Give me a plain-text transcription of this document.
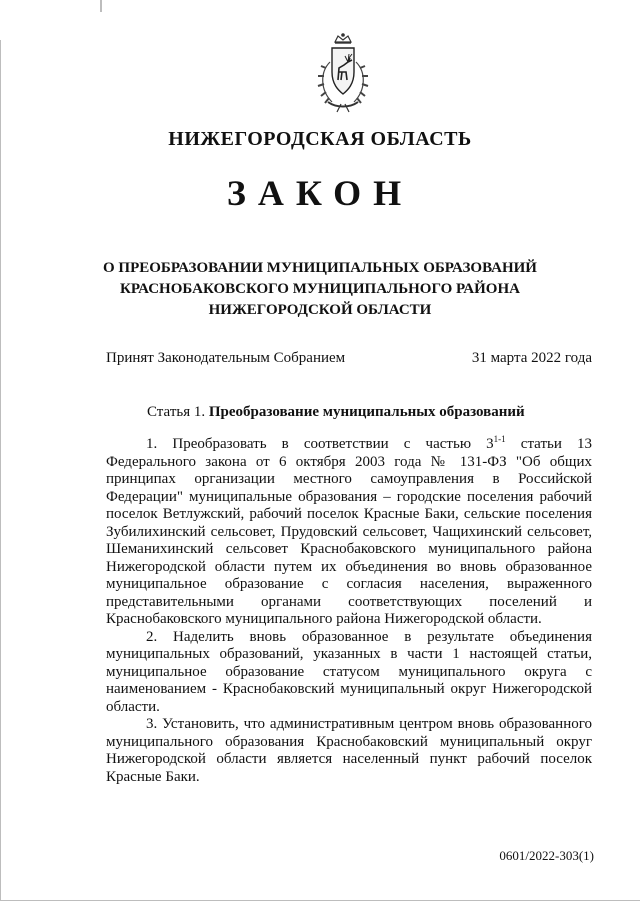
НИЖЕГОРОДСКАЯ ОБЛАСТЬ
ЗАКОН
О ПРЕОБРАЗОВАНИИ МУНИЦИПАЛЬНЫХ ОБРАЗОВАНИЙ
КРАСНОБАКОВСКОГО МУНИЦИПАЛЬНОГО РАЙОНА
НИЖЕГОРОДСКОЙ ОБЛАСТИ
Принят Законодательным Собранием	31 марта 2022 года
Статья 1. Преобразование муниципальных образований
1. Преобразовать в соответствии с частью 3$^{1-1}$ статьи 13
Федерального закона от 6 октября 2003 года № 131-ФЗ "Об общих
принципах организации местного самоуправления в Российской
Федерации" муниципальные образования – городские поселения рабочий
поселок Ветлужский, рабочий поселок Красные Баки, сельские поселения
Зубилихинский сельсовет, Прудовский сельсовет, Чащихинский сельсовет,
Шеманихинский сельсовет Краснобаковского муниципального района
Нижегородской области путем их объединения во вновь образованное
муниципальное образование с согласия населения, выраженного
представительными органами соответствующих поселений и
Краснобаковского муниципального района Нижегородской области.
2. Наделить вновь образованное в результате объединения
муниципальных образований, указанных в части 1 настоящей статьи,
муниципальное образование статусом муниципального округа с
наименованием - Краснобаковский муниципальный округ Нижегородской
области.
3. Установить, что административным центром вновь образованного
муниципального образования Краснобаковский муниципальный округ
Нижегородской области является населенный пункт рабочий поселок
Красные Баки.
0601/2022-303(1)
